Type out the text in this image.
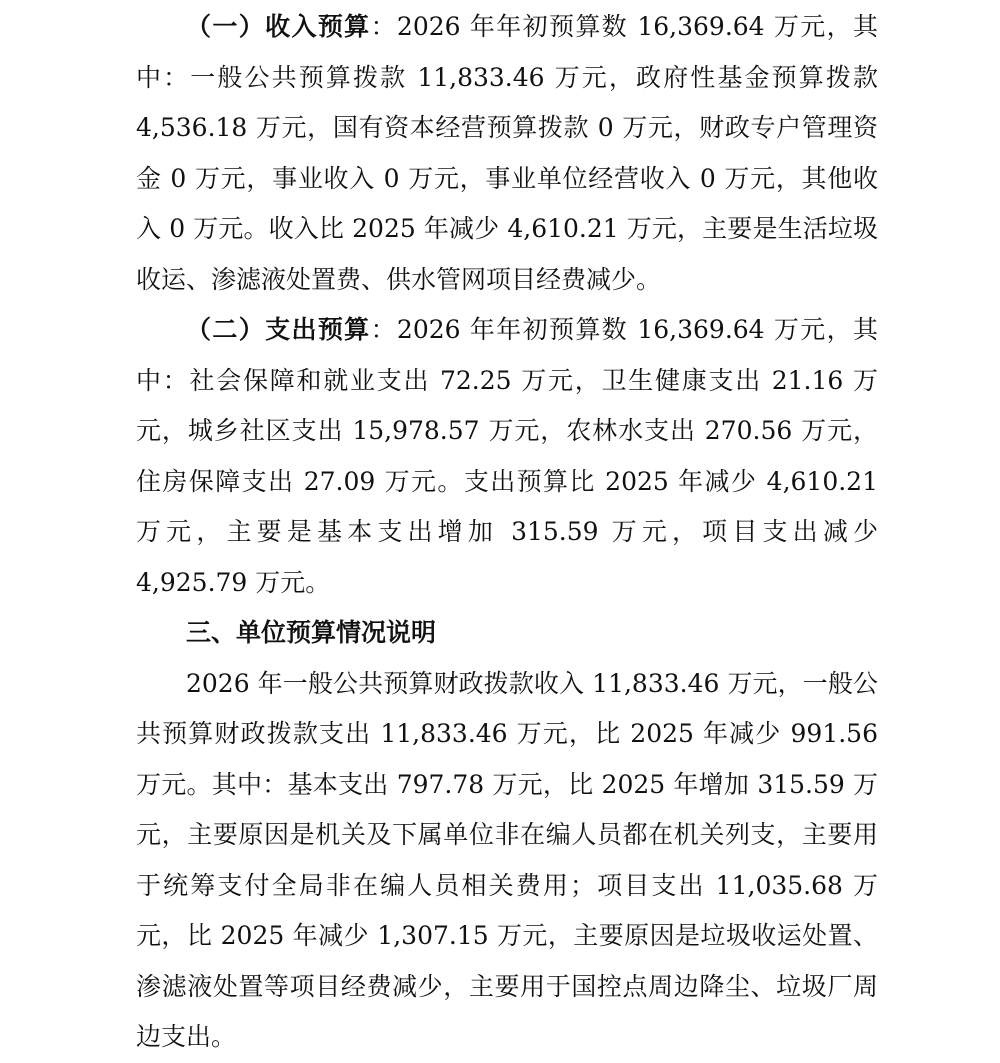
（一）收入预算：2026 年年初预算数 16,369.64 万元，其中：一般公共预算拨款 11,833.46 万元，政府性基金预算拨款 4,536.18 万元，国有资本经营预算拨款 0 万元，财政专户管理资金 0 万元，事业收入 0 万元，事业单位经营收入 0 万元，其他收入 0 万元。收入比 2025 年减少 4,610.21 万元，主要是生活垃圾收运、渗滤液处置费、供水管网项目经费减少。

（二）支出预算：2026 年年初预算数 16,369.64 万元，其中：社会保障和就业支出 72.25 万元，卫生健康支出 21.16 万元，城乡社区支出 15,978.57 万元，农林水支出 270.56 万元，住房保障支出 27.09 万元。支出预算比 2025 年减少 4,610.21 万元，主要是基本支出增加 315.59 万元，项目支出减少 4,925.79 万元。

三、单位预算情况说明

2026 年一般公共预算财政拨款收入 11,833.46 万元，一般公共预算财政拨款支出 11,833.46 万元，比 2025 年减少 991.56 万元。其中：基本支出 797.78 万元，比 2025 年增加 315.59 万元，主要原因是机关及下属单位非在编人员都在机关列支，主要用于统筹支付全局非在编人员相关费用；项目支出 11,035.68 万元，比 2025 年减少 1,307.15 万元，主要原因是垃圾收运处置、渗滤液处置等项目经费减少，主要用于国控点周边降尘、垃圾厂周边支出。
